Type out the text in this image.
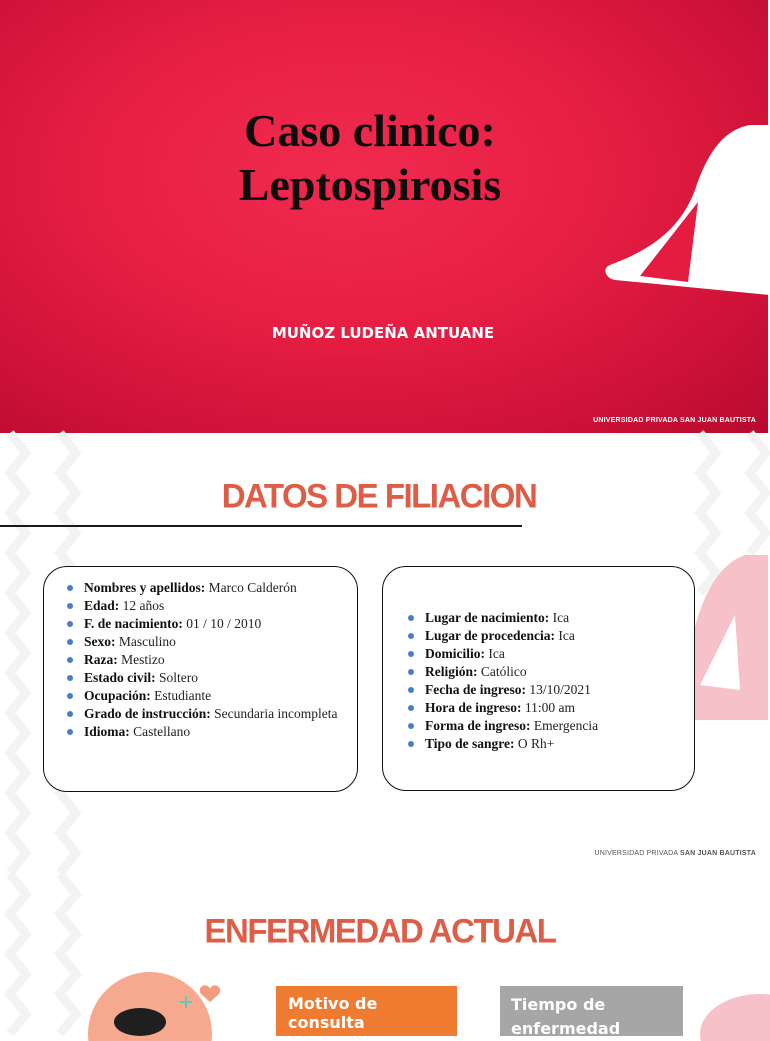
Caso clinico:
Leptospirosis
MUÑOZ LUDEÑA ANTUANE
UNIVERSIDAD PRIVADA SAN JUAN BAUTISTA
DATOS DE FILIACION
Nombres y apellidos: Marco Calderón
Edad: 12 años
F. de nacimiento: 01 / 10 / 2010
Sexo: Masculino
Raza: Mestizo
Estado civil: Soltero
Ocupación: Estudiante
Grado de instrucción: Secundaria incompleta
Idioma: Castellano
Lugar de nacimiento: Ica
Lugar de procedencia: Ica
Domicilio: Ica
Religión: Católico
Fecha de ingreso: 13/10/2021
Hora de ingreso: 11:00 am
Forma de ingreso: Emergencia
Tipo de sangre: O Rh+
UNIVERSIDAD PRIVADA SAN JUAN BAUTISTA
ENFERMEDAD ACTUAL
Motivo de consulta
Tiempo de enfermedad
